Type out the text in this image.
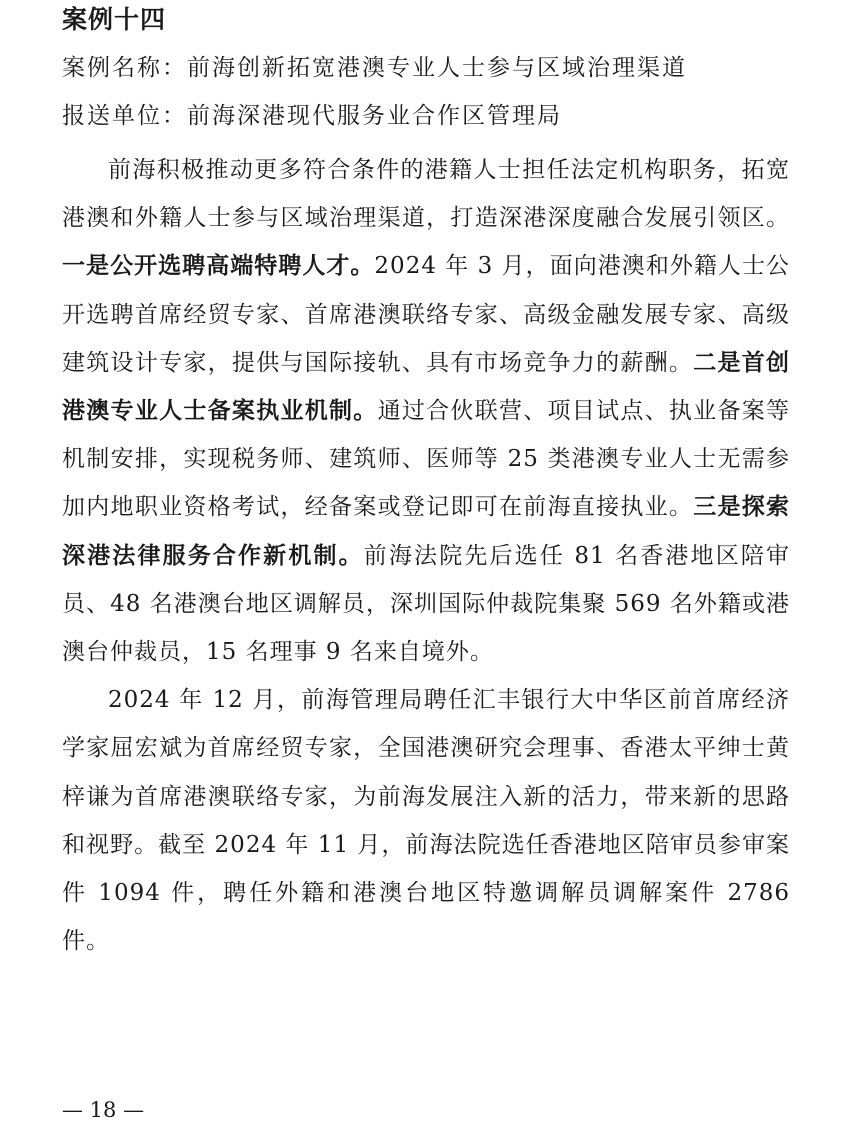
案例十四
案例名称：前海创新拓宽港澳专业人士参与区域治理渠道
报送单位：前海深港现代服务业合作区管理局

前海积极推动更多符合条件的港籍人士担任法定机构职务，拓宽港澳和外籍人士参与区域治理渠道，打造深港深度融合发展引领区。一是公开选聘高端特聘人才。2024 年 3 月，面向港澳和外籍人士公开选聘首席经贸专家、首席港澳联络专家、高级金融发展专家、高级建筑设计专家，提供与国际接轨、具有市场竞争力的薪酬。二是首创港澳专业人士备案执业机制。通过合伙联营、项目试点、执业备案等机制安排，实现税务师、建筑师、医师等 25 类港澳专业人士无需参加内地职业资格考试，经备案或登记即可在前海直接执业。三是探索深港法律服务合作新机制。前海法院先后选任 81 名香港地区陪审员、48 名港澳台地区调解员，深圳国际仲裁院集聚 569 名外籍或港澳台仲裁员，15 名理事 9 名来自境外。

2024 年 12 月，前海管理局聘任汇丰银行大中华区前首席经济学家屈宏斌为首席经贸专家，全国港澳研究会理事、香港太平绅士黄梓谦为首席港澳联络专家，为前海发展注入新的活力，带来新的思路和视野。截至 2024 年 11 月，前海法院选任香港地区陪审员参审案件 1094 件，聘任外籍和港澳台地区特邀调解员调解案件 2786 件。

— 18 —
